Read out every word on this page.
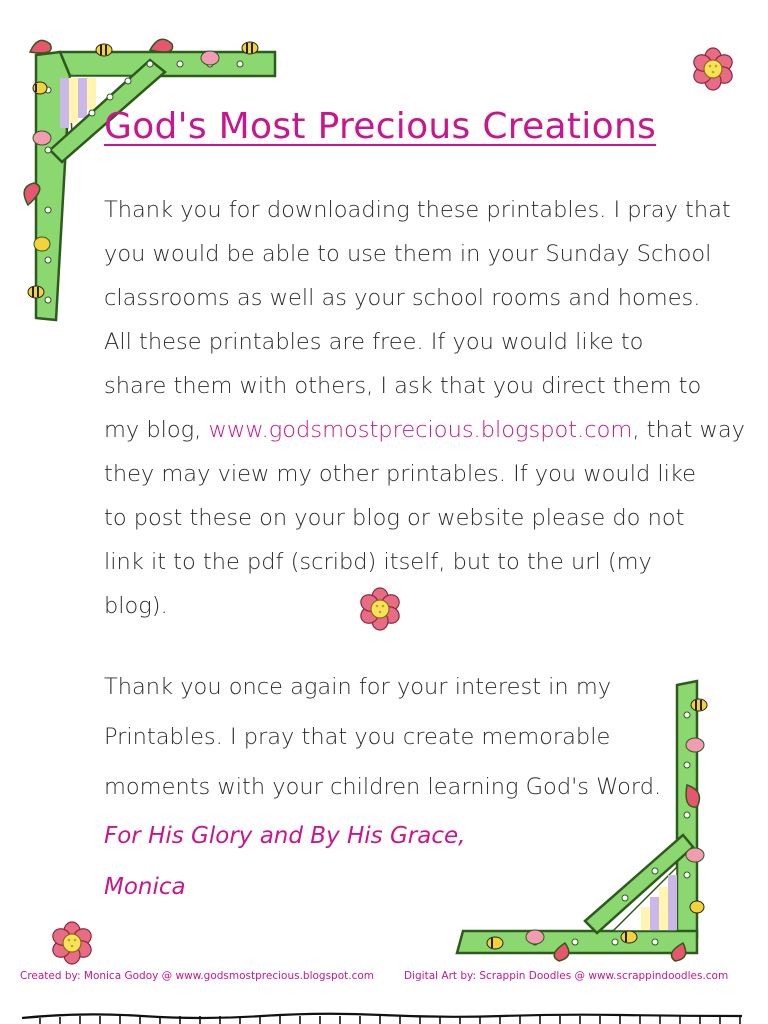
God's Most Precious Creations
Thank you for downloading these printables. I pray that
you would be able to use them in your Sunday School
classrooms as well as your school rooms and homes.
All these printables are free. If you would like to
share them with others, I ask that you direct them to
my blog, www.godsmostprecious.blogspot.com, that way
they may view my other printables. If you would like
to post these on your blog or website please do not
link it to the pdf (scribd) itself, but to the url (my
blog).
Thank you once again for your interest in my
Printables. I pray that you create memorable
moments with your children learning God's Word.
For His Glory and By His Grace,
Monica
Created by: Monica Godoy @ www.godsmostprecious.blogspot.com	Digital Art by: Scrappin Doodles @ www.scrappindoodles.com
